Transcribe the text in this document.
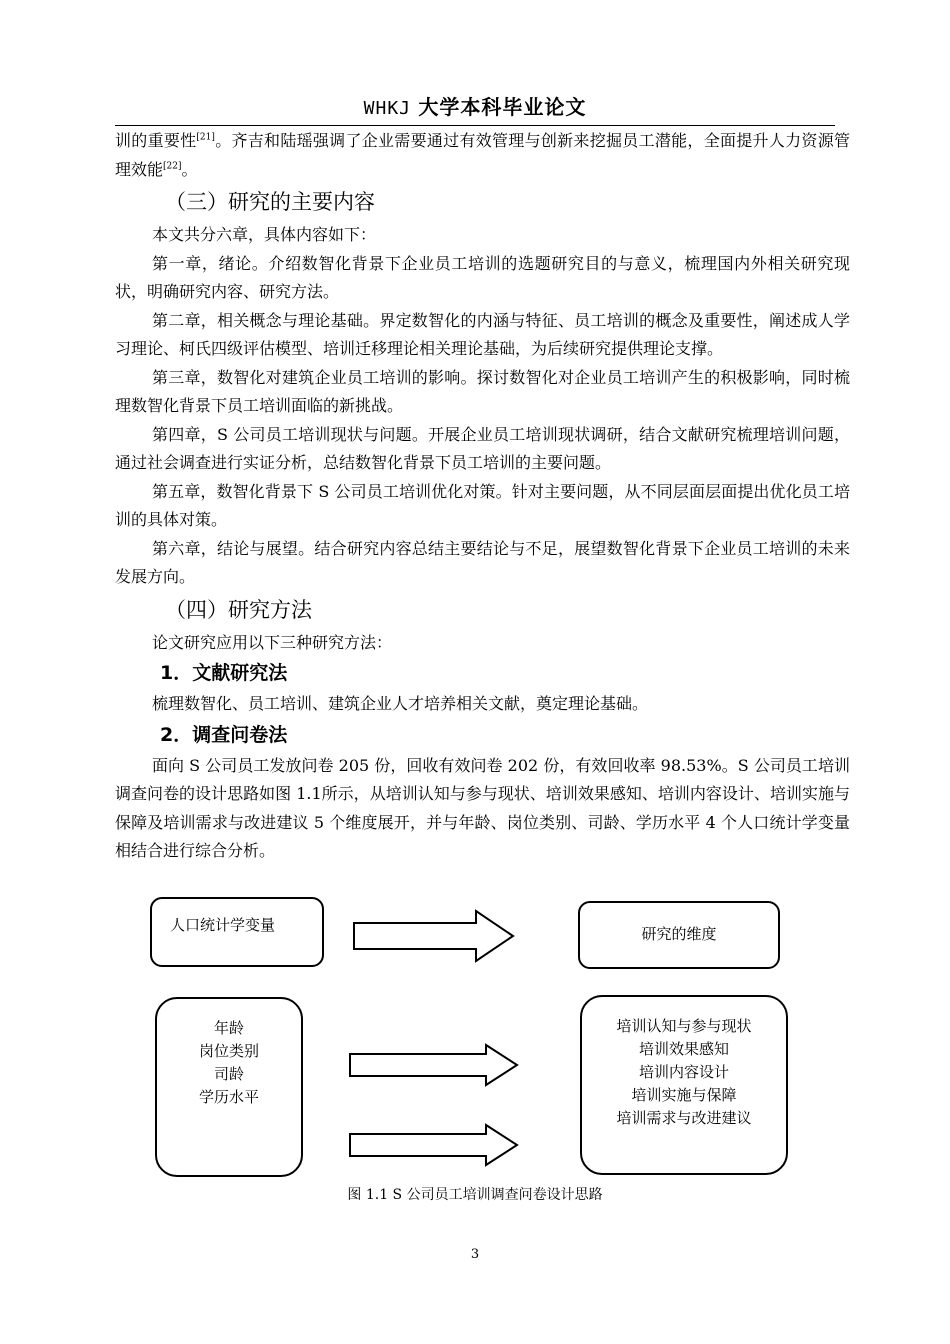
WHKJ 大学本科毕业论文

训的重要性[21]。齐吉和陆瑶强调了企业需要通过有效管理与创新来挖掘员工潜能，全面提升人力资源管理效能[22]。

（三）研究的主要内容

本文共分六章，具体内容如下：

第一章，绪论。介绍数智化背景下企业员工培训的选题研究目的与意义，梳理国内外相关研究现状，明确研究内容、研究方法。

第二章，相关概念与理论基础。界定数智化的内涵与特征、员工培训的概念及重要性，阐述成人学习理论、柯氏四级评估模型、培训迁移理论相关理论基础，为后续研究提供理论支撑。

第三章，数智化对建筑企业员工培训的影响。探讨数智化对企业员工培训产生的积极影响，同时梳理数智化背景下员工培训面临的新挑战。

第四章，S 公司员工培训现状与问题。开展企业员工培训现状调研，结合文献研究梳理培训问题，通过社会调查进行实证分析，总结数智化背景下员工培训的主要问题。

第五章，数智化背景下 S 公司员工培训优化对策。针对主要问题，从不同层面层面提出优化员工培训的具体对策。

第六章，结论与展望。结合研究内容总结主要结论与不足，展望数智化背景下企业员工培训的未来发展方向。

（四）研究方法

论文研究应用以下三种研究方法：

1．文献研究法

梳理数智化、员工培训、建筑企业人才培养相关文献，奠定理论基础。

2．调查问卷法

面向 S 公司员工发放问卷 205 份，回收有效问卷 202 份，有效回收率 98.53%。S 公司员工培训调查问卷的设计思路如图 1.1所示，从培训认知与参与现状、培训效果感知、培训内容设计、培训实施与保障及培训需求与改进建议 5 个维度展开，并与年龄、岗位类别、司龄、学历水平 4 个人口统计学变量相结合进行综合分析。

人口统计学变量	研究的维度
年龄
岗位类别
司龄
学历水平
培训认知与参与现状
培训效果感知
培训内容设计
培训实施与保障
培训需求与改进建议
图 1.1 S 公司员工培训调查问卷设计思路
3
